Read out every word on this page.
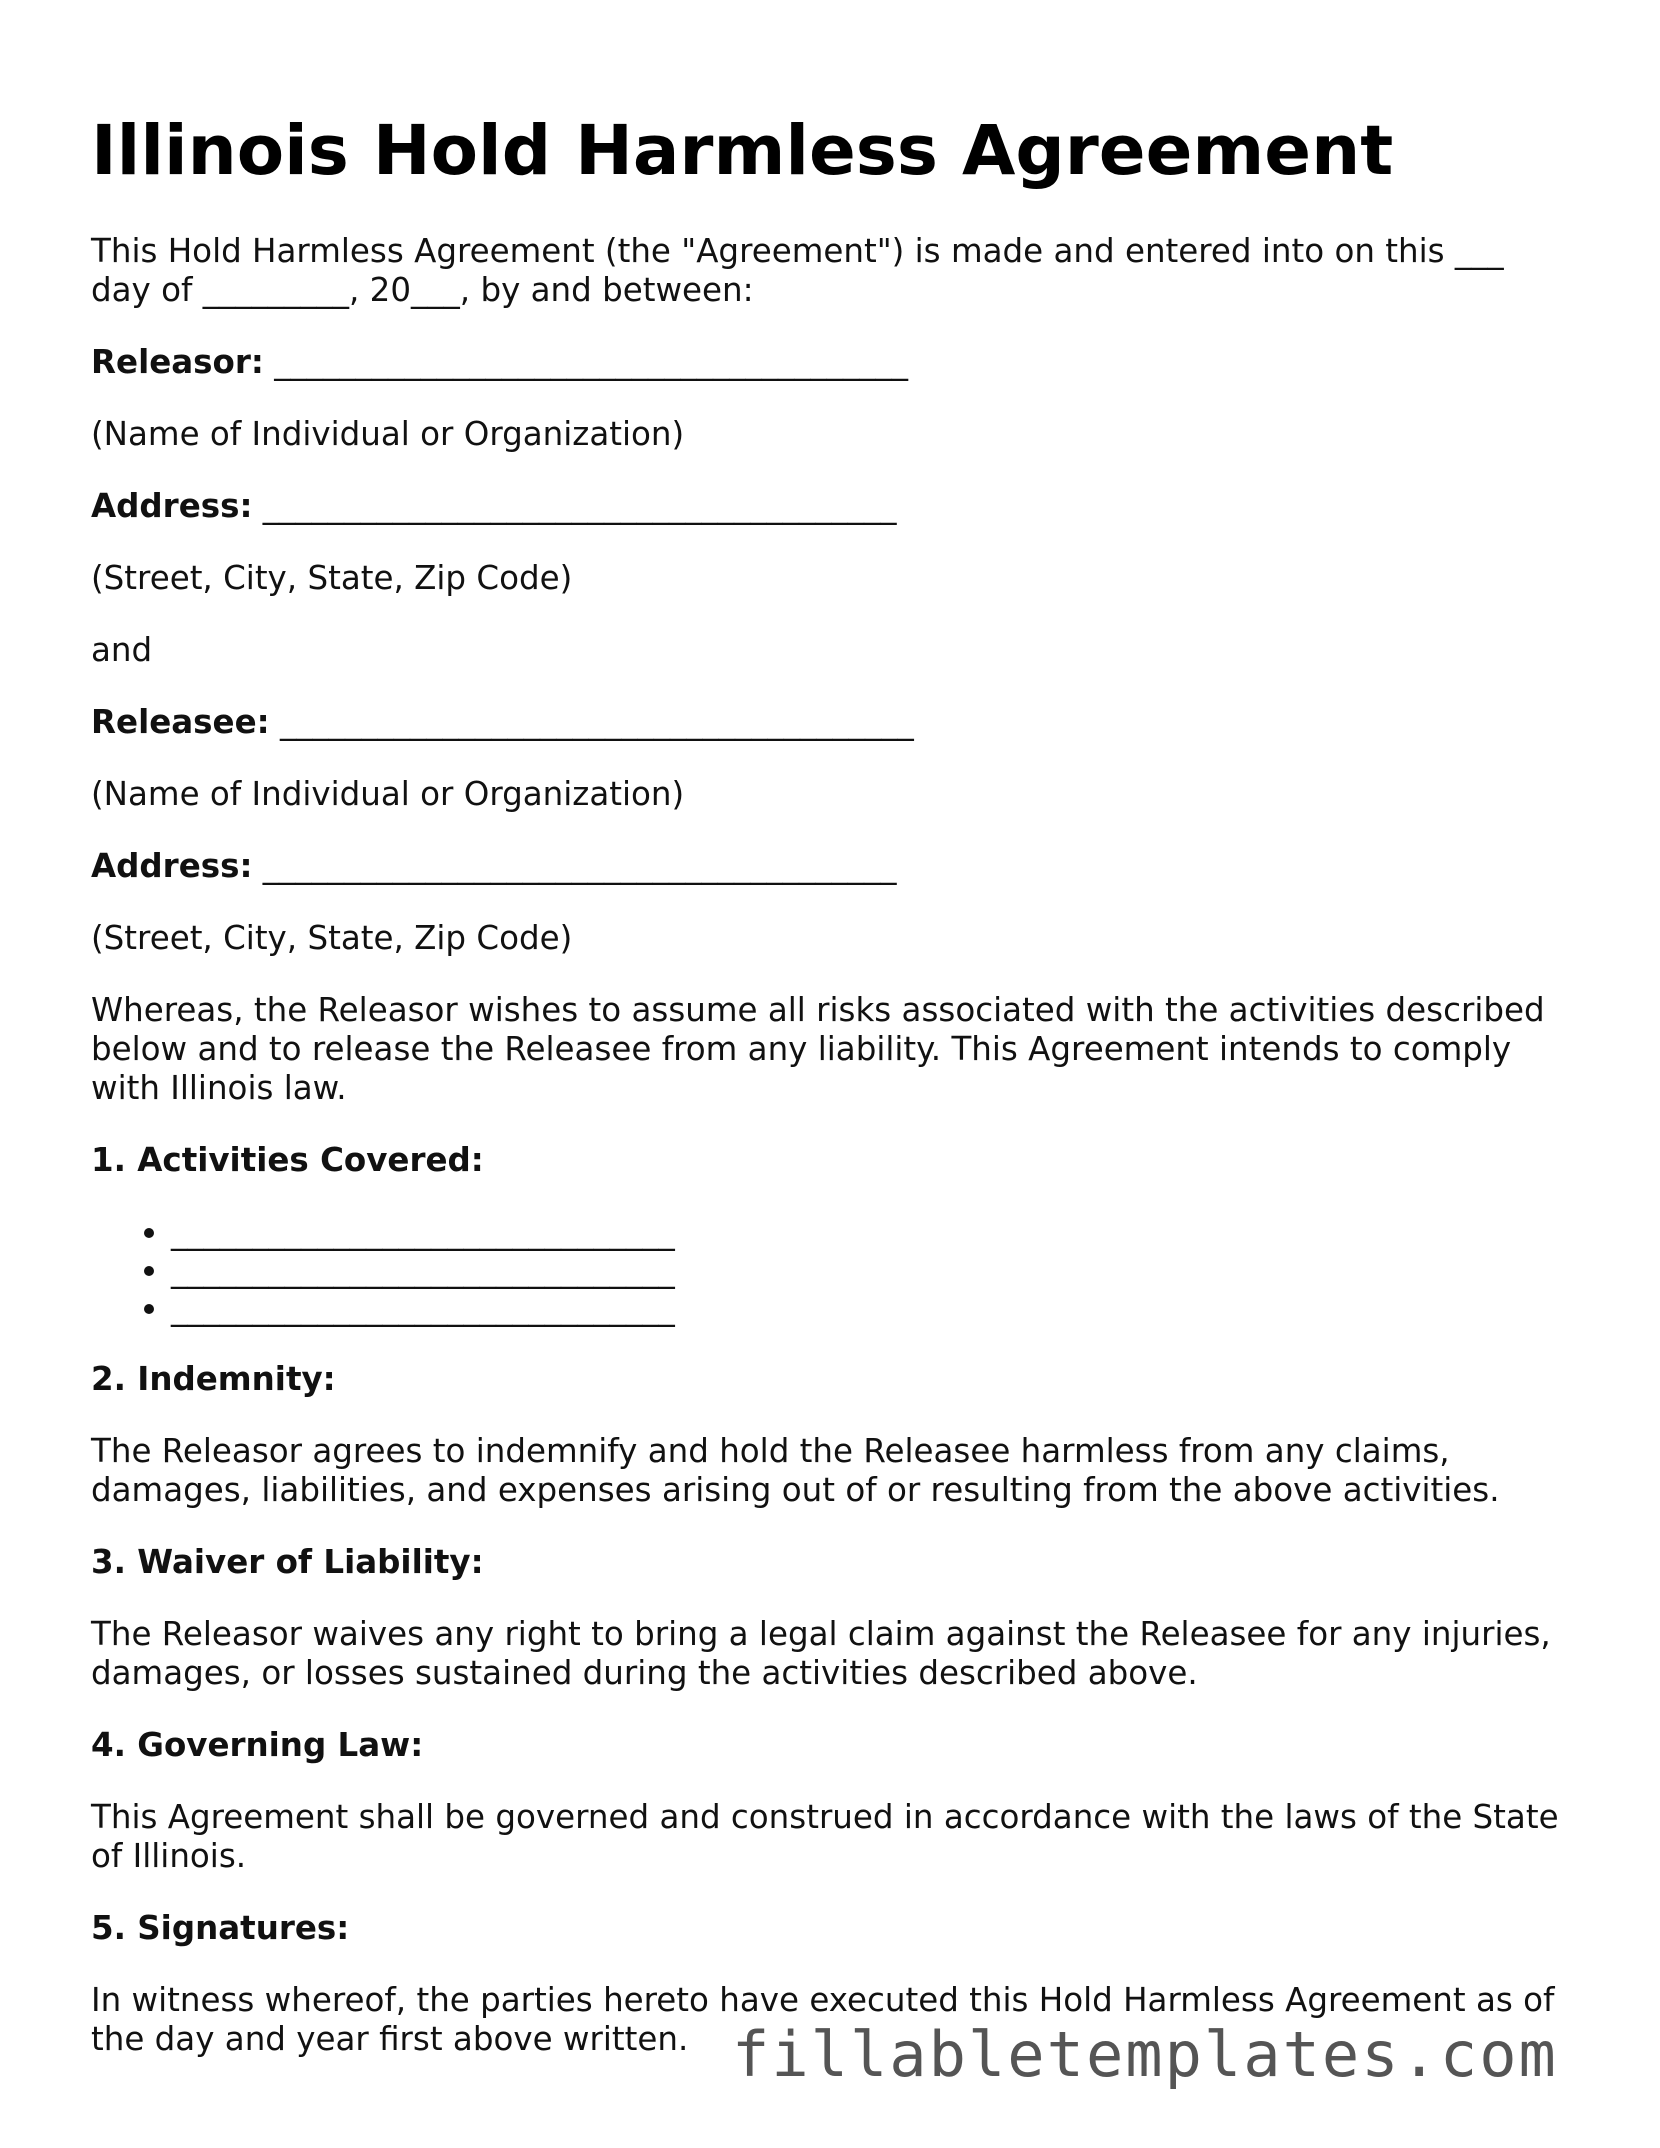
Illinois Hold Harmless Agreement

This Hold Harmless Agreement (the "Agreement") is made and entered into on this ___ day of _________, 20___, by and between:

Releasor: _______________________________________

(Name of Individual or Organization)

Address: _______________________________________

(Street, City, State, Zip Code)

and

Releasee: _______________________________________

(Name of Individual or Organization)

Address: _______________________________________

(Street, City, State, Zip Code)

Whereas, the Releasor wishes to assume all risks associated with the activities described below and to release the Releasee from any liability. This Agreement intends to comply with Illinois law.

1. Activities Covered:

• _______________________________
• _______________________________
• _______________________________

2. Indemnity:

The Releasor agrees to indemnify and hold the Releasee harmless from any claims, damages, liabilities, and expenses arising out of or resulting from the above activities.

3. Waiver of Liability:

The Releasor waives any right to bring a legal claim against the Releasee for any injuries, damages, or losses sustained during the activities described above.

4. Governing Law:

This Agreement shall be governed and construed in accordance with the laws of the State of Illinois.

5. Signatures:

In witness whereof, the parties hereto have executed this Hold Harmless Agreement as of the day and year first above written. fillabletemplates.com
